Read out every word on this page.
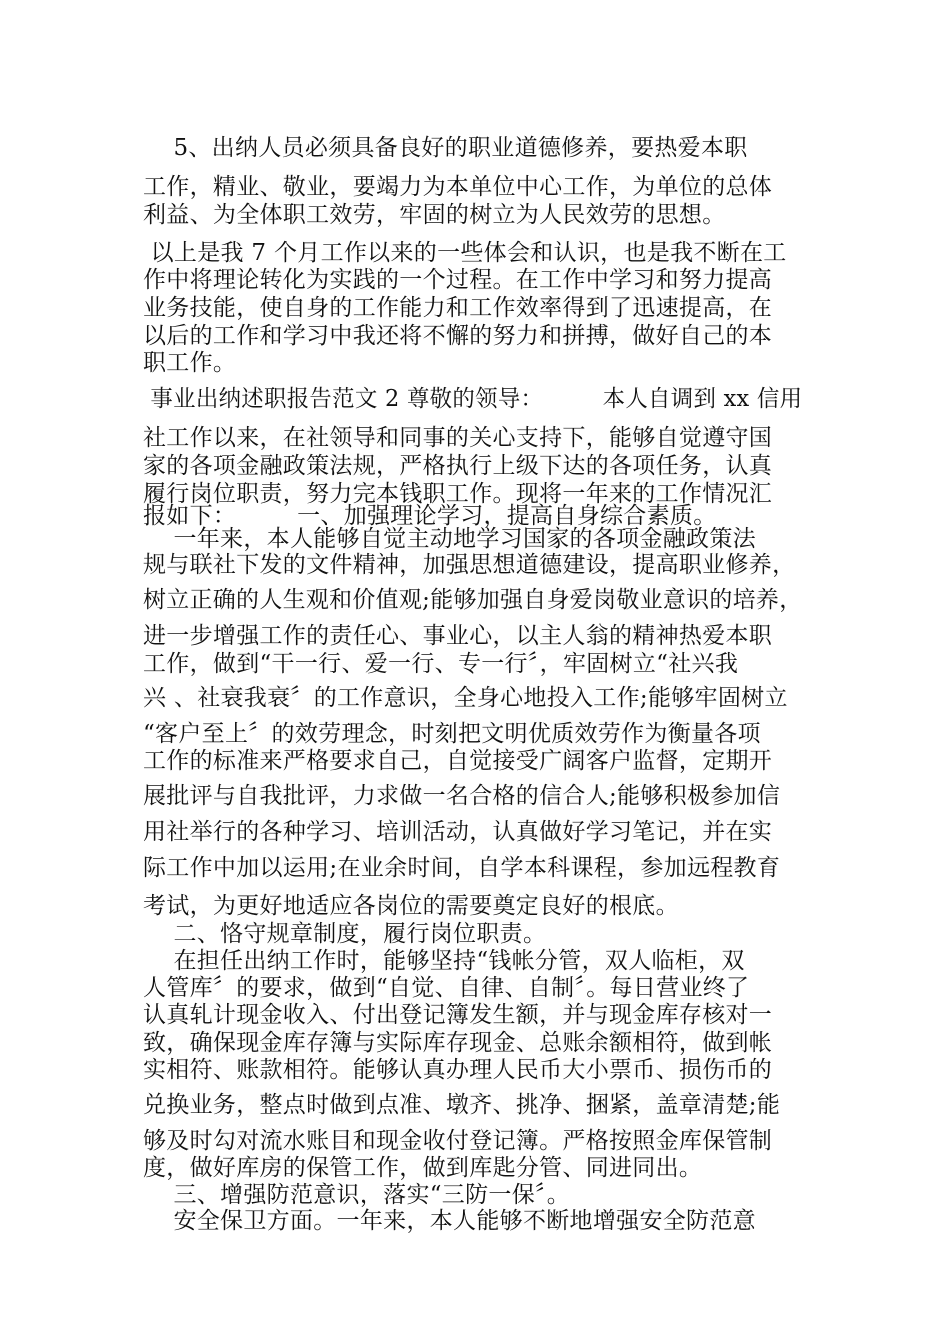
5、出纳人员必须具备良好的职业道德修养，要热爱本职
工作，精业、敬业，要竭力为本单位中心工作，为单位的总体
利益、为全体职工效劳，牢固的树立为人民效劳的思想。
以上是我 7 个月工作以来的一些体会和认识，也是我不断在工
作中将理论转化为实践的一个过程。在工作中学习和努力提高
业务技能，使自身的工作能力和工作效率得到了迅速提高，在
以后的工作和学习中我还将不懈的努力和拼搏，做好自己的本
职工作。
事业出纳述职报告范文 2 尊敬的领导：        本人自调到 xx 信用
社工作以来，在社领导和同事的关心支持下，能够自觉遵守国
家的各项金融政策法规，严格执行上级下达的各项任务，认真
履行岗位职责，努力完本钱职工作。现将一年来的工作情况汇
报如下：        一、加强理论学习，提高自身综合素质。
一年来，本人能够自觉主动地学习国家的各项金融政策法
规与联社下发的文件精神，加强思想道德建设，提高职业修养，
树立正确的人生观和价值观;能够加强自身爱岗敬业意识的培养，
进一步增强工作的责任心、事业心，以主人翁的精神热爱本职
工作，做到“干一行、爱一行、专一行〞，牢固树立“社兴我
兴 、社衰我衰〞的工作意识，全身心地投入工作;能够牢固树立
“客户至上〞的效劳理念，时刻把文明优质效劳作为衡量各项
工作的标准来严格要求自己，自觉接受广阔客户监督，定期开
展批评与自我批评，力求做一名合格的信合人;能够积极参加信
用社举行的各种学习、培训活动，认真做好学习笔记，并在实
际工作中加以运用;在业余时间，自学本科课程，参加远程教育
考试，为更好地适应各岗位的需要奠定良好的根底。
二、恪守规章制度，履行岗位职责。
在担任出纳工作时，能够坚持“钱帐分管，双人临柜，双
人管库〞的要求，做到“自觉、自律、自制〞。每日营业终了
认真轧计现金收入、付出登记簿发生额，并与现金库存核对一
致，确保现金库存簿与实际库存现金、总账余额相符，做到帐
实相符、账款相符。能够认真办理人民币大小票币、损伤币的
兑换业务，整点时做到点准、墩齐、挑净、捆紧，盖章清楚;能
够及时勾对流水账目和现金收付登记簿。严格按照金库保管制
度，做好库房的保管工作，做到库匙分管、同进同出。
三、增强防范意识，落实“三防一保〞。
安全保卫方面。一年来，本人能够不断地增强安全防范意
